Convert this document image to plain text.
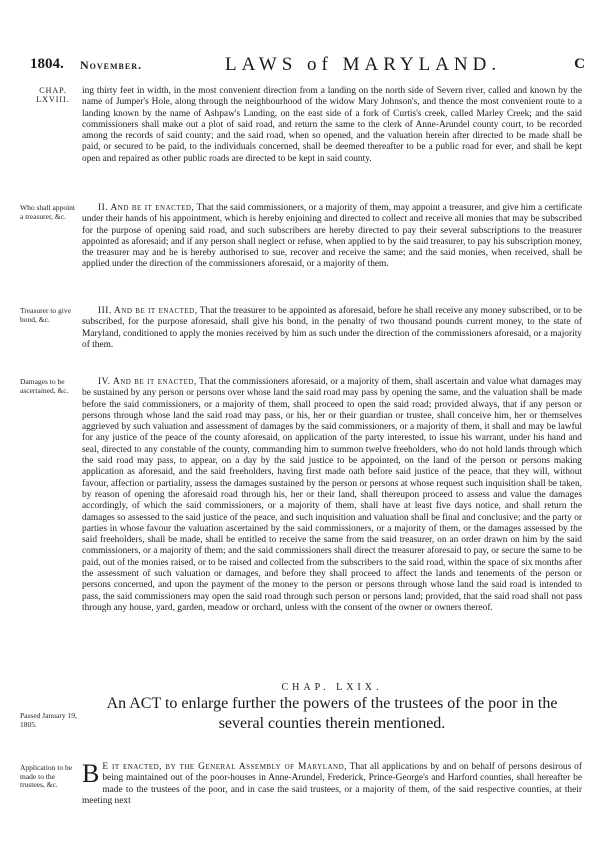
1804. November.	LAWS of MARYLAND.	C
CHAP.
LXVIII.

ing thirty feet in width, in the most convenient direction from a landing on the north side of Severn river, called and known by the name of Jumper's Hole, along through the neighbourhood of the widow Mary Johnson's, and thence the most convenient route to a landing known by the name of Ashpaw's Landing, on the east side of a fork of Curtis's creek, called Marley Creek; and the said commissioners shall make out a plot of said road, and return the same to the clerk of Anne-Arundel county court, to be recorded among the records of said county; and the said road, when so opened, and the valuation herein after directed to be made shall be paid, or secured to be paid, to the individuals concerned, shall be deemed thereafter to be a public road for ever, and shall be kept open and repaired as other public roads are directed to be kept in said county.

Who shall appoint a treasurer, &c.

II. And be it enacted, That the said commissioners, or a majority of them, may appoint a treasurer, and give him a certificate under their hands of his appointment, which is hereby enjoining and directed to collect and receive all monies that may be subscribed for the purpose of opening said road, and such subscribers are hereby directed to pay their several subscriptions to the treasurer appointed as aforesaid; and if any person shall neglect or refuse, when applied to by the said treasurer, to pay his subscription money, the treasurer may and he is hereby authorised to sue, recover and receive the same; and the said monies, when received, shall be applied under the direction of the commissioners aforesaid, or a majority of them.

Treasurer to give bond, &c.

III. And be it enacted, That the treasurer to be appointed as aforesaid, before he shall receive any money subscribed, or to be subscribed, for the purpose aforesaid, shall give his bond, in the penalty of two thousand pounds current money, to the state of Maryland, conditioned to apply the monies received by him as such under the direction of the commissioners aforesaid, or a majority of them.

Damages to be ascertained, &c.

IV. And be it enacted, That the commissioners aforesaid, or a majority of them, shall ascertain and value what damages may be sustained by any person or persons over whose land the said road may pass by opening the same, and the valuation shall be made before the said commissioners, or a majority of them, shall proceed to open the said road; provided always, that if any person or persons through whose land the said road may pass, or his, her or their guardian or trustee, shall conceive him, her or themselves aggrieved by such valuation and assessment of damages by the said commissioners, or a majority of them, it shall and may be lawful for any justice of the peace of the county aforesaid, on application of the party interested, to issue his warrant, under his hand and seal, directed to any constable of the county, commanding him to summon twelve freeholders, who do not hold lands through which the said road may pass, to appear, on a day by the said justice to be appointed, on the land of the person or persons making application as aforesaid, and the said freeholders, having first made oath before said justice of the peace, that they will, without favour, affection or partiality, assess the damages sustained by the person or persons at whose request such inquisition shall be taken, by reason of opening the aforesaid road through his, her or their land, shall thereupon proceed to assess and value the damages accordingly, of which the said commissioners, or a majority of them, shall have at least five days notice, and shall return the damages so assessed to the said justice of the peace, and such inquisition and valuation shall be final and conclusive; and the party or parties in whose favour the valuation ascertained by the said commissioners, or a majority of them, or the damages assessed by the said freeholders, shall be made, shall be entitled to receive the same from the said treasurer, on an order drawn on him by the said commissioners, or a majority of them; and the said commissioners shall direct the treasurer aforesaid to pay, or secure the same to be paid, out of the monies raised, or to be raised and collected from the subscribers to the said road, within the space of six months after the assessment of such valuation or damages, and before they shall proceed to affect the lands and tenements of the person or persons concerned, and upon the payment of the money to the person or persons through whose land the said road is intended to pass, the said commissioners may open the said road through such person or persons land; provided, that the said road shall not pass through any house, yard, garden, meadow or orchard, unless with the consent of the owner or owners thereof.

CHAP. LXIX.
Passed January 19, 1805.
An ACT to enlarge further the powers of the trustees of the poor in the several counties therein mentioned.
Application to be made to the trustees, &c. B E it enacted, by the General Assembly of Maryland, That all applications by and on behalf of persons desirous of being maintained out of the poor-houses in Anne-Arundel, Frederick, Prince-George's and Harford counties, shall hereafter be made to the trustees of the poor, and in case the said trustees, or a majority of them, of the said respective counties, at their meeting next
